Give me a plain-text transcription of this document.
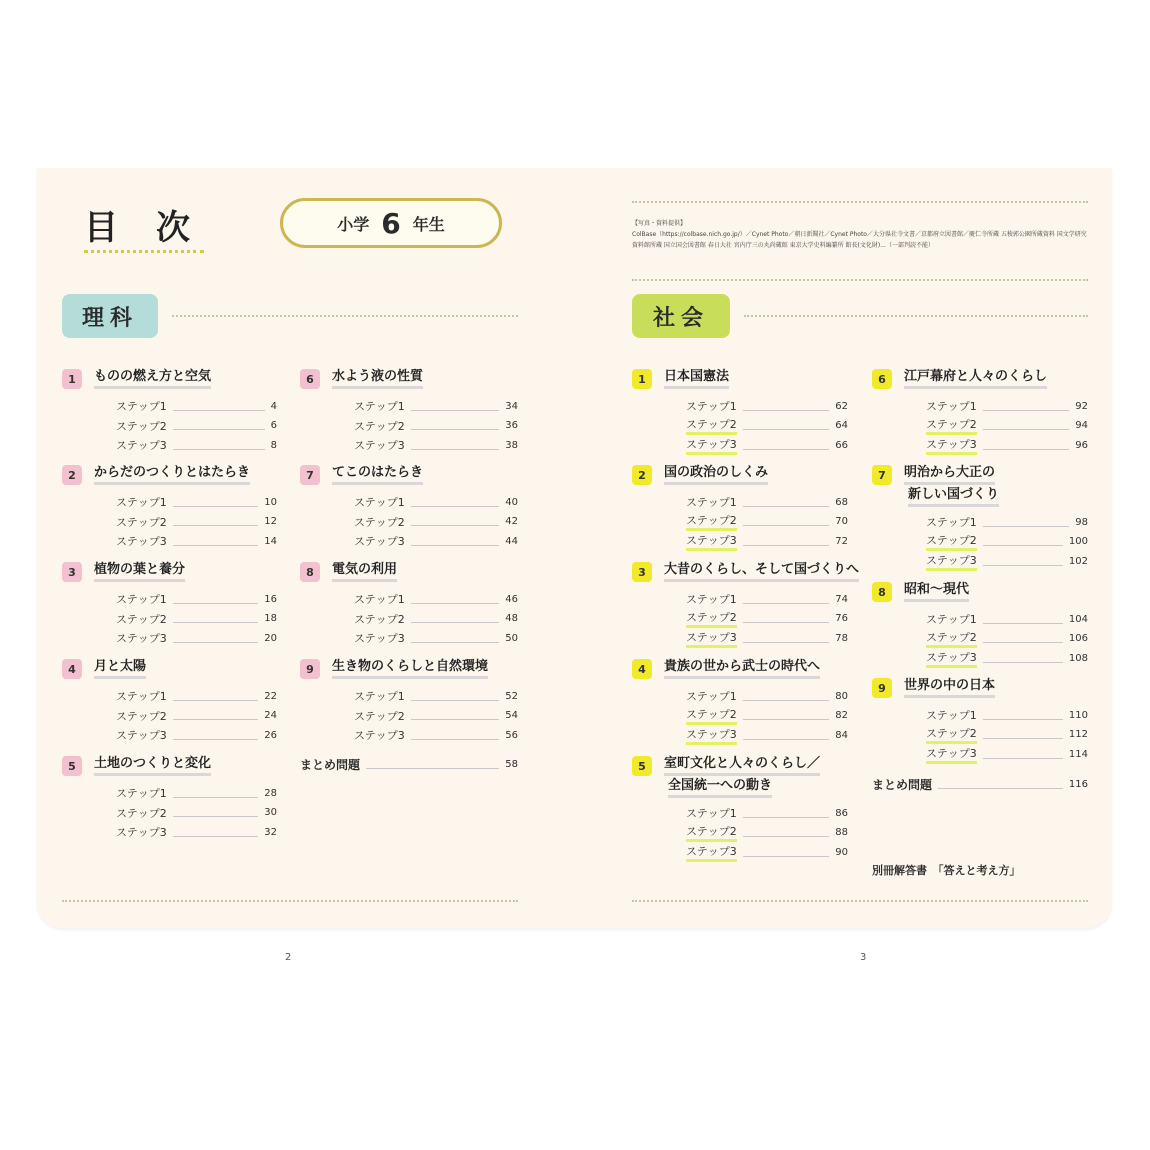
目　次	小学 6 年生
理科
【写真・資料提供】
ColBase（https://colbase.nich.go.jp/）／Cynet Photo／朝日新聞社／Cynet Photo／大分県社寺文書／京都府立図書館／慶仁寺所蔵 五稜郭公園所蔵資料 国文学研究資料館所蔵 国立国会図書館 春日大社 宮内庁三の丸尚蔵館 東京大学史料編纂所 館長(文化財)...（一部判読不能）
社会
1	ものの燃え方と空気
ステップ1	4
ステップ2	6
ステップ3	8
2	からだのつくりとはたらき
ステップ1	10
ステップ2	12
ステップ3	14
3	植物の葉と養分
ステップ1	16
ステップ2	18
ステップ3	20
4	月と太陽
ステップ1	22
ステップ2	24
ステップ3	26
5	土地のつくりと変化
ステップ1	28
ステップ2	30
ステップ3	32
6	水よう液の性質
ステップ1	34
ステップ2	36
ステップ3	38
7	てこのはたらき
ステップ1	40
ステップ2	42
ステップ3	44
8	電気の利用
ステップ1	46
ステップ2	48
ステップ3	50
9	生き物のくらしと自然環境
ステップ1	52
ステップ2	54
ステップ3	56
1	日本国憲法
ステップ1	62
ステップ2	64
ステップ3	66
2	国の政治のしくみ
ステップ1	68
ステップ2	70
ステップ3	72
3	大昔のくらし、そして国づくりへ
ステップ1	74
ステップ2	76
ステップ3	78
4	貴族の世から武士の時代へ
ステップ1	80
ステップ2	82
ステップ3	84
5	室町文化と人々のくらし／
全国統一への動き
ステップ1	86
ステップ2	88
ステップ3	90
6	江戸幕府と人々のくらし
ステップ1	92
ステップ2	94
ステップ3	96
7	明治から大正の
新しい国づくり
ステップ1	98
ステップ2	100
ステップ3	102
8	昭和〜現代
ステップ1	104
ステップ2	106
ステップ3	108
9	世界の中の日本
ステップ1	110
ステップ2	112
ステップ3	114
まとめ問題	58
まとめ問題	116
別冊解答書　「答えと考え方」
2	3
